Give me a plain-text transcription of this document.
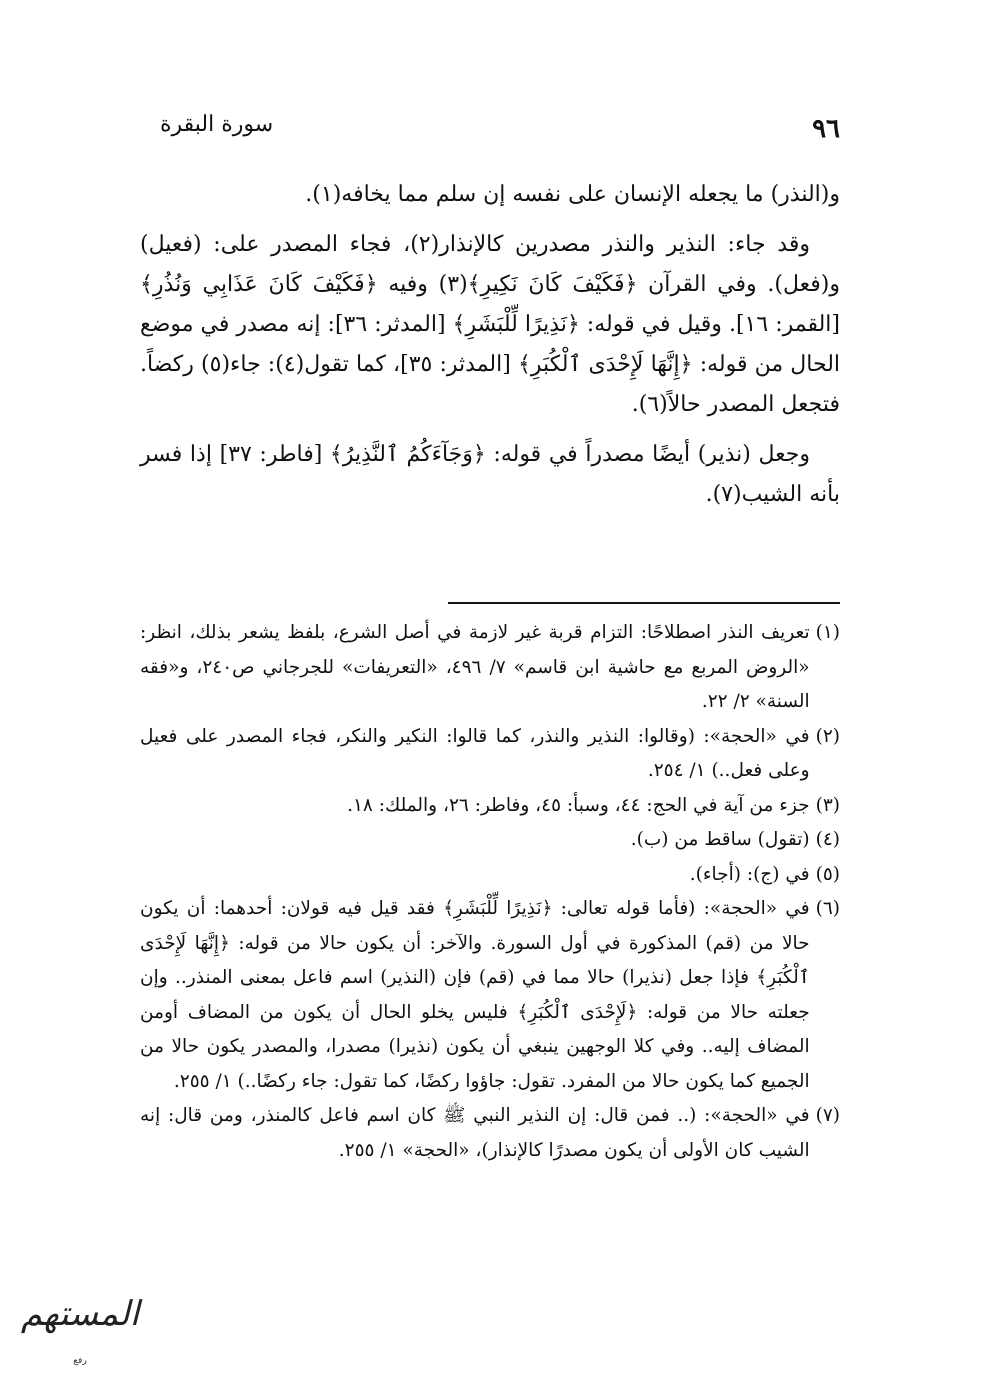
٩٦
سورة البقرة

و(النذر) ما يجعله الإنسان على نفسه إن سلم مما يخافه(١).

وقد جاء: النذير والنذر مصدرين كالإنذار(٢)، فجاء المصدر على: (فعيل) و(فعل). وفي القرآن ﴿فَكَيْفَ كَانَ نَكِيرِ﴾(٣) وفيه ﴿فَكَيْفَ كَانَ عَذَابِي وَنُذُرِ﴾ [القمر: ١٦]. وقيل في قوله: ﴿نَذِيرًا لِّلْبَشَرِ﴾ [المدثر: ٣٦]: إنه مصدر في موضع الحال من قوله: ﴿إِنَّهَا لَإِحْدَى ٱلْكُبَرِ﴾ [المدثر: ٣٥]، كما تقول(٤): جاء(٥) ركضاً. فتجعل المصدر حالاً(٦).

وجعل (نذير) أيضًا مصدراً في قوله: ﴿وَجَآءَكُمُ ٱلنَّذِيرُ﴾ [فاطر: ٣٧] إذا فسر بأنه الشيب(٧).

(١)
تعريف النذر اصطلاحًا: التزام قربة غير لازمة في أصل الشرع، بلفظ يشعر بذلك، انظر: «الروض المربع مع حاشية ابن قاسم» ٧/ ٤٩٦، «التعريفات» للجرجاني ص٢٤٠، و«فقه السنة» ٢/ ٢٢.
(٢)
في «الحجة»: (وقالوا: النذير والنذر، كما قالوا: النكير والنكر، فجاء المصدر على فعيل وعلى فعل..) ١/ ٢٥٤.
(٣)
جزء من آية في الحج: ٤٤، وسبأ: ٤٥، وفاطر: ٢٦، والملك: ١٨.
(٤)
(تقول) ساقط من (ب).
(٥)
في (ج): (أجاء).
(٦)
في «الحجة»: (فأما قوله تعالى: ﴿نَذِيرًا لِّلْبَشَرِ﴾ فقد قيل فيه قولان: أحدهما: أن يكون حالا من (قم) المذكورة في أول السورة. والآخر: أن يكون حالا من قوله: ﴿إِنَّهَا لَإِحْدَى ٱلْكُبَرِ﴾ فإذا جعل (نذيرا) حالا مما في (قم) فإن (النذير) اسم فاعل بمعنى المنذر.. وإن جعلته حالا من قوله: ﴿لَإِحْدَى ٱلْكُبَرِ﴾ فليس يخلو الحال أن يكون من المضاف أومن المضاف إليه.. وفي كلا الوجهين ينبغي أن يكون (نذيرا) مصدرا، والمصدر يكون حالا من الجميع كما يكون حالا من المفرد. تقول: جاؤوا ركضًا، كما تقول: جاء ركضًا..) ١/ ٢٥٥.
(٧)
في «الحجة»: (.. فمن قال: إن النذير النبي ﷺ كان اسم فاعل كالمنذر، ومن قال: إنه الشيب كان الأولى أن يكون مصدرًا كالإنذار)، «الحجة» ١/ ٢٥٥.
المستهم
رفع
